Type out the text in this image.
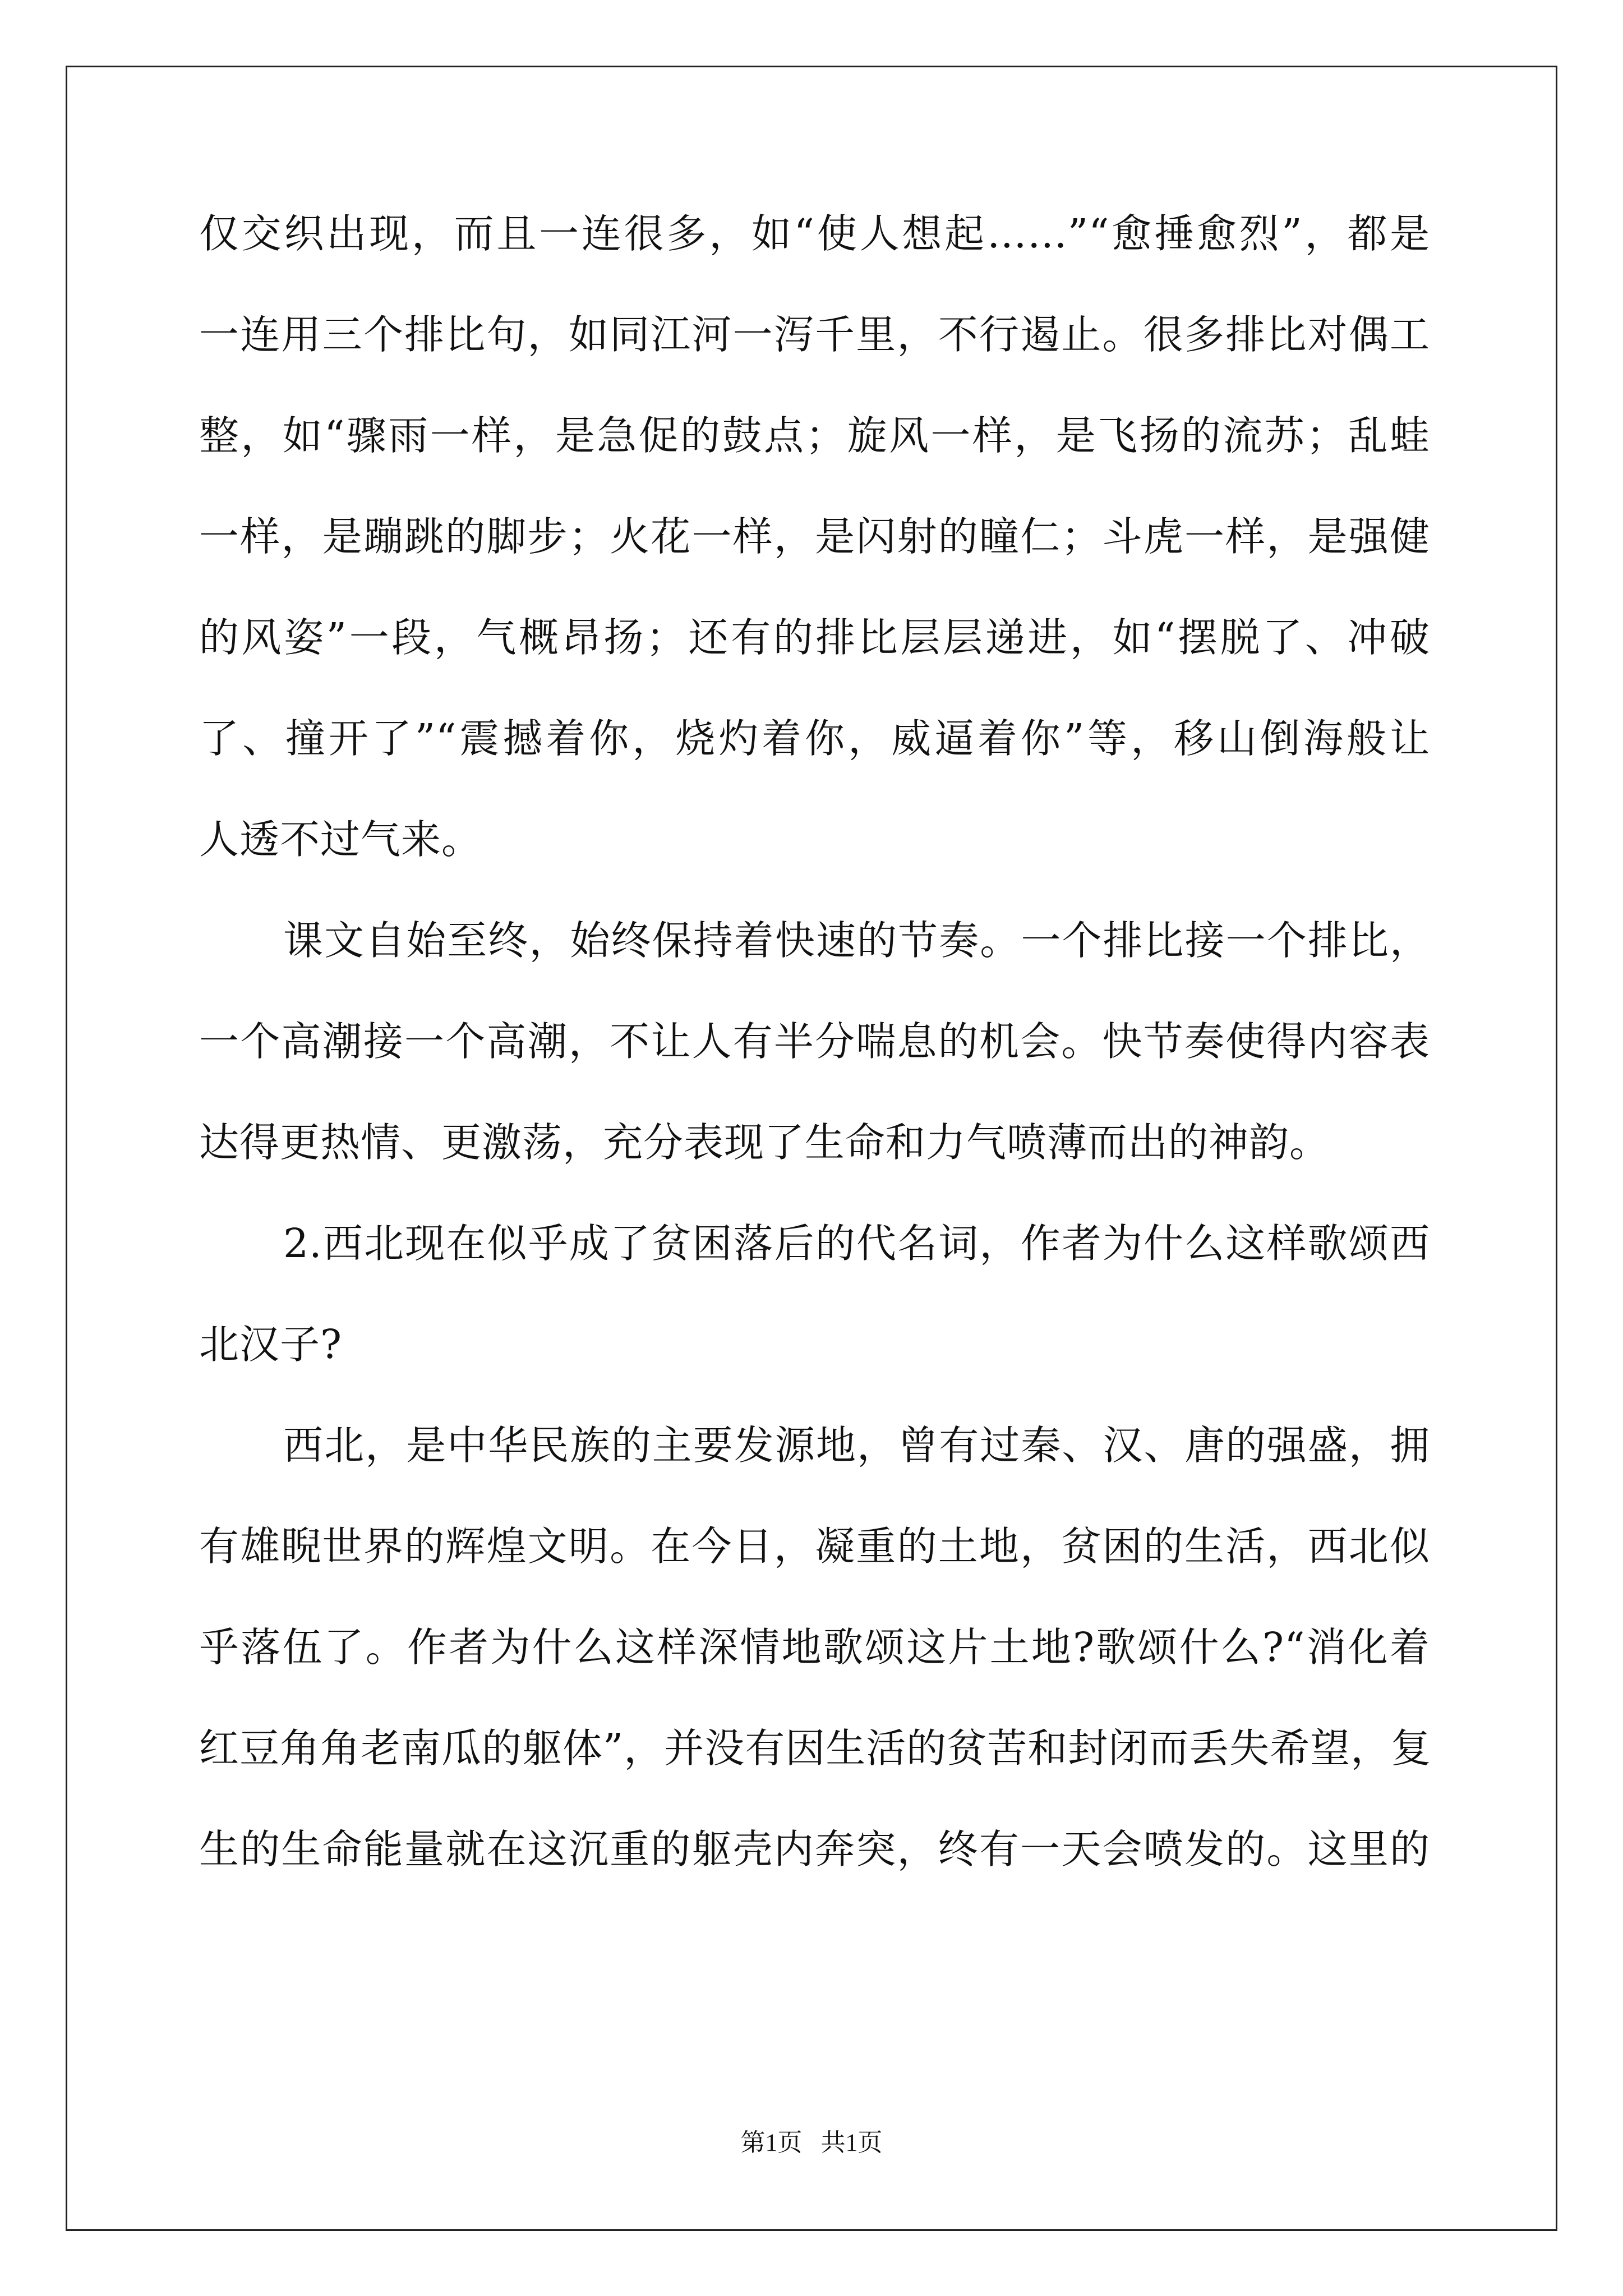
仅交织出现，而且一连很多，如“使人想起……”“愈捶愈烈”，都是
一连用三个排比句，如同江河一泻千里，不行遏止。很多排比对偶工
整，如“骤雨一样，是急促的鼓点；旋风一样，是飞扬的流苏；乱蛙
一样，是蹦跳的脚步；火花一样，是闪射的瞳仁；斗虎一样，是强健
的风姿”一段，气概昂扬；还有的排比层层递进，如“摆脱了、冲破
了、撞开了”“震撼着你，烧灼着你，威逼着你”等，移山倒海般让
人透不过气来。
课文自始至终，始终保持着快速的节奏。一个排比接一个排比，
一个高潮接一个高潮，不让人有半分喘息的机会。快节奏使得内容表
达得更热情、更激荡，充分表现了生命和力气喷薄而出的神韵。
2.西北现在似乎成了贫困落后的代名词，作者为什么这样歌颂西
北汉子?
西北，是中华民族的主要发源地，曾有过秦、汉、唐的强盛，拥
有雄睨世界的辉煌文明。在今日，凝重的土地，贫困的生活，西北似
乎落伍了。作者为什么这样深情地歌颂这片土地?歌颂什么?“消化着
红豆角角老南瓜的躯体”，并没有因生活的贫苦和封闭而丢失希望，复
生的生命能量就在这沉重的躯壳内奔突，终有一天会喷发的。这里的
第1页   共1页
